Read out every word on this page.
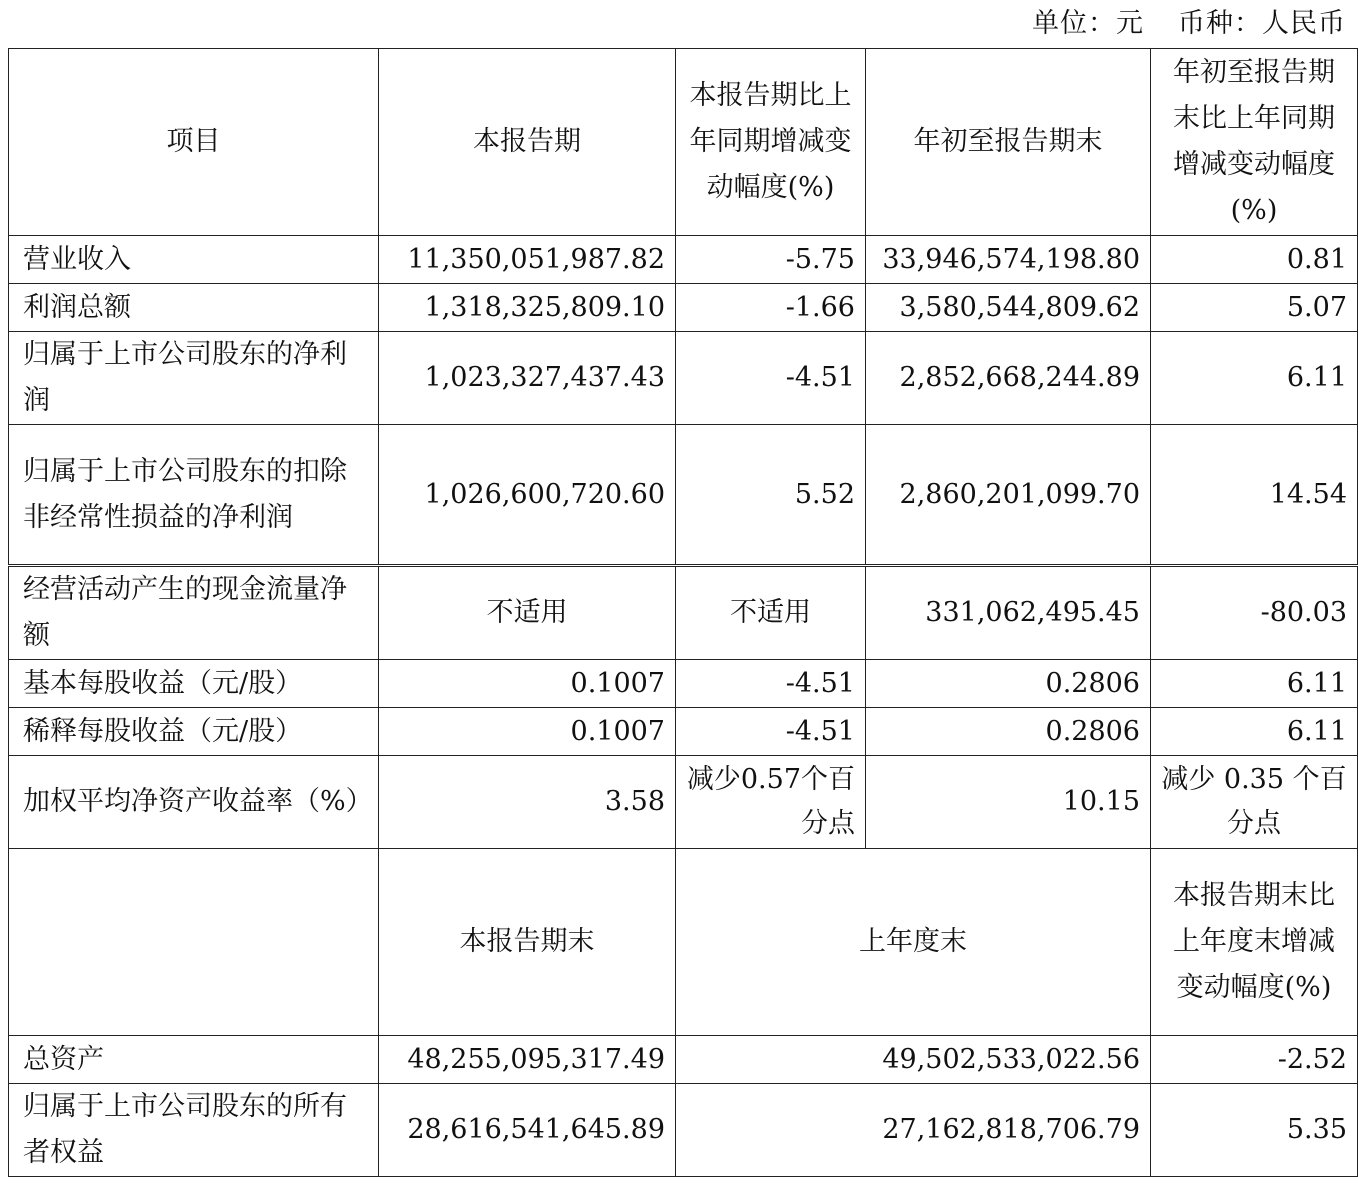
单位：元 币种：人民币
项目	本报告期	本报告期比上年同期增减变动幅度(%)	年初至报告期末	年初至报告期末比上年同期增减变动幅度(%)
营业收入	11,350,051,987.82	-5.75	33,946,574,198.80	0.81
利润总额	1,318,325,809.10	-1.66	3,580,544,809.62	5.07
归属于上市公司股东的净利润	1,023,327,437.43	-4.51	2,852,668,244.89	6.11
归属于上市公司股东的扣除非经常性损益的净利润	1,026,600,720.60	5.52	2,860,201,099.70	14.54
经营活动产生的现金流量净额	不适用	不适用	331,062,495.45	-80.03
基本每股收益（元/股）	0.1007	-4.51	0.2806	6.11
稀释每股收益（元/股）	0.1007	-4.51	0.2806	6.11
加权平均净资产收益率（%）	3.58	减少0.57个百分点	10.15	减少 0.35 个百分点
	本报告期末	上年度末		本报告期末比上年度末增减变动幅度(%)
总资产	48,255,095,317.49	49,502,533,022.56		-2.52
归属于上市公司股东的所有者权益	28,616,541,645.89	27,162,818,706.79		5.35
